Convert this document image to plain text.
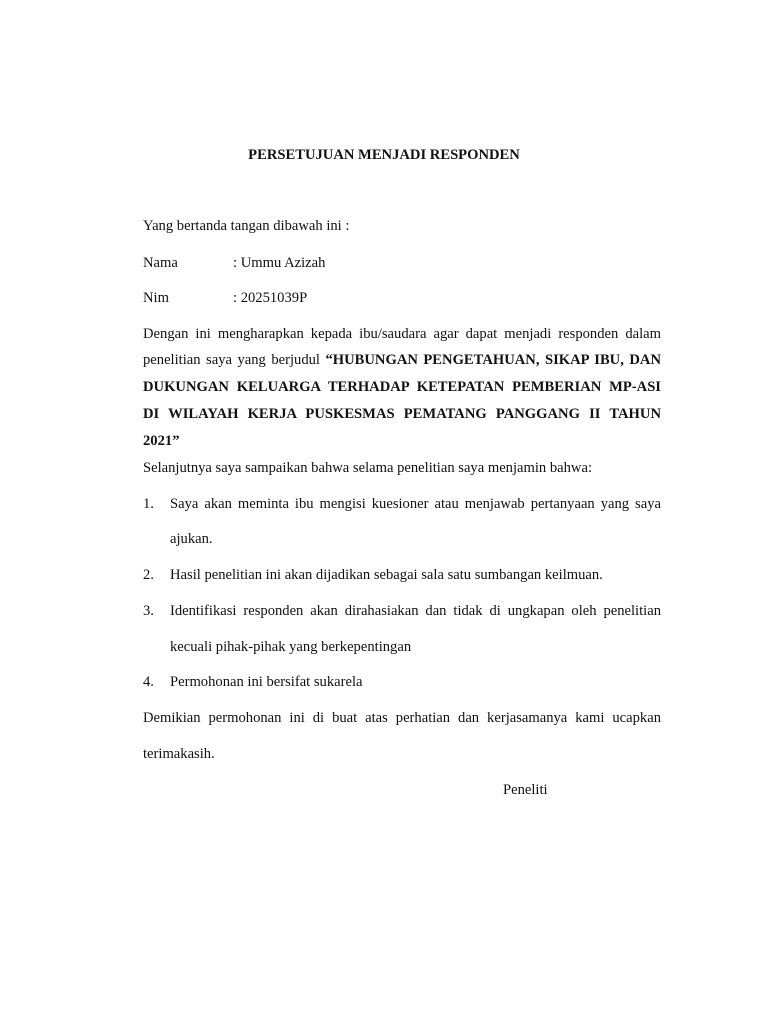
PERSETUJUAN MENJADI RESPONDEN
Yang bertanda tangan dibawah ini :
Nama	: Ummu Azizah
Nim	: 20251039P
Dengan ini mengharapkan kepada ibu/saudara agar dapat menjadi responden dalam
penelitian saya yang berjudul “HUBUNGAN PENGETAHUAN, SIKAP IBU, DAN
DUKUNGAN KELUARGA TERHADAP KETEPATAN PEMBERIAN MP-ASI
DI WILAYAH KERJA PUSKESMAS PEMATANG PANGGANG II TAHUN
2021”
Selanjutnya saya sampaikan bahwa selama penelitian saya menjamin bahwa:
1. Saya akan meminta ibu mengisi kuesioner atau menjawab pertanyaan yang saya
ajukan.
2. Hasil penelitian ini akan dijadikan sebagai sala satu sumbangan keilmuan.
3. Identifikasi responden akan dirahasiakan dan tidak di ungkapan oleh penelitian
kecuali pihak-pihak yang berkepentingan
4. Permohonan ini bersifat sukarela
Demikian permohonan ini di buat atas perhatian dan kerjasamanya kami ucapkan
terimakasih.
Peneliti
